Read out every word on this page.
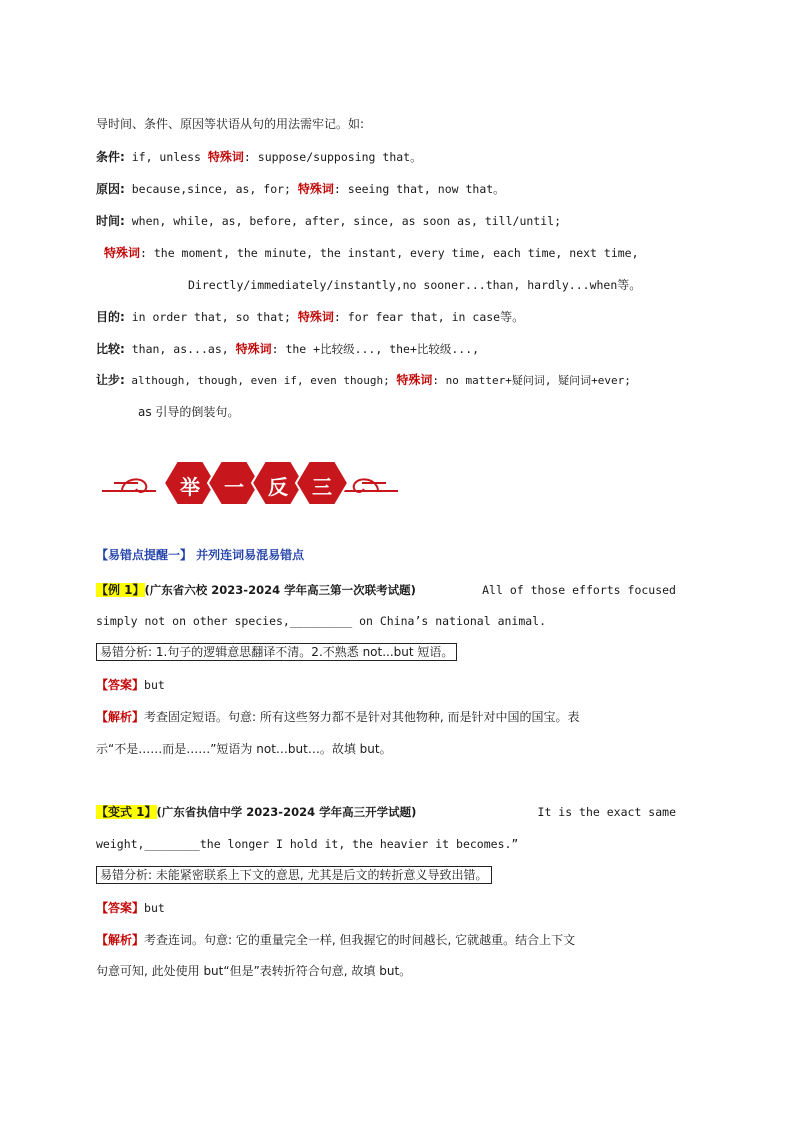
导时间、条件、原因等状语从句的用法需牢记。如:
条件: if, unless 特殊词: suppose/supposing that。
原因: because,since, as, for; 特殊词: seeing that, now that。
时间: when, while, as, before, after, since, as soon as, till/until;
特殊词: the moment, the minute, the instant, every time, each time, next time,
Directly/immediately/instantly,no sooner...than, hardly...when等。
目的: in order that, so that; 特殊词: for fear that, in case等。
比较: than, as...as, 特殊词: the +比较级..., the+比较级...,
让步: although, though, even if, even though; 特殊词: no matter+疑问词, 疑问词+ever;
as 引导的倒装句。
举 一 反 三
【易错点提醒一】 并列连词易混易错点
【例 1】(广东省六校 2023-2024 学年高三第一次联考试题)	All of those efforts focused
simply not on other species,_________ on China’s national animal.
易错分析: 1.句子的逻辑意思翻译不清。2.不熟悉 not...but 短语。
【答案】but
【解析】考查固定短语。句意: 所有这些努力都不是针对其他物种, 而是针对中国的国宝。表
示“不是……而是……”短语为 not…but…。故填 but。
【变式 1】(广东省执信中学 2023-2024 学年高三开学试题)	It is the exact same
weight,________the longer I hold it, the heavier it becomes.”
易错分析: 未能紧密联系上下文的意思, 尤其是后文的转折意义导致出错。
【答案】but
【解析】考查连词。句意: 它的重量完全一样, 但我握它的时间越长, 它就越重。结合上下文
句意可知, 此处使用 but“但是”表转折符合句意, 故填 but。
